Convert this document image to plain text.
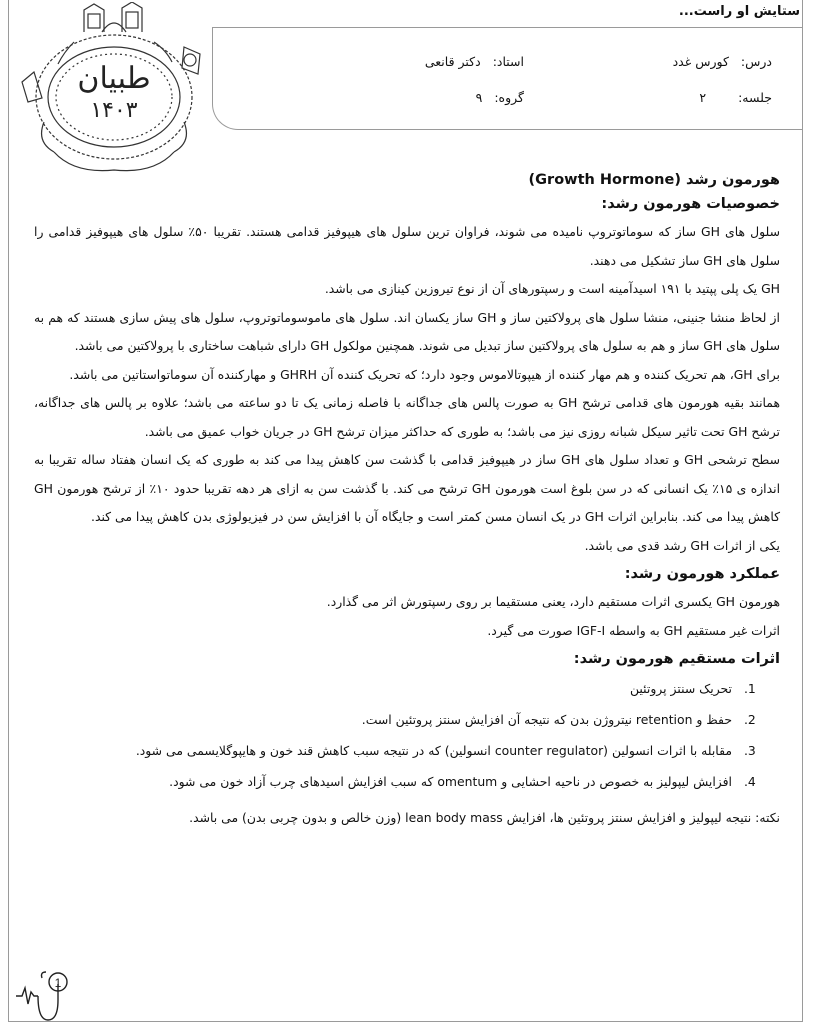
ستایش او راست...
درس: کورس غدد
استاد: دکتر قانعی
جلسه: ۲
گروه: ۹
طبیان
۱۴۰۳
هورمون رشد (Growth Hormone)
خصوصیات هورمون رشد:

سلول های GH ساز که سوماتوتروپ نامیده می شوند، فراوان ترین سلول های هیپوفیز قدامی هستند. تقریبا ۵۰٪ سلول های هیپوفیز قدامی را سلول های GH ساز تشکیل می دهند.

GH یک پلی پپتید با ۱۹۱ اسیدآمینه است و رسپتورهای آن از نوع تیروزین کینازی می باشد.

از لحاظ منشا جنینی، منشا سلول های پرولاکتین ساز و GH ساز یکسان اند. سلول های ماموسوماتوتروپ، سلول های پیش سازی هستند که هم به سلول های GH ساز و هم به سلول های پرولاکتین ساز تبدیل می شوند. همچنین مولکول GH دارای شباهت ساختاری با پرولاکتین می باشد.

برای GH، هم تحریک کننده و هم مهار کننده از هیپوتالاموس وجود دارد؛ که تحریک کننده آن GHRH و مهارکننده آن سوماتواستاتین می باشد.

همانند بقیه هورمون های قدامی ترشح GH به صورت پالس های جداگانه با فاصله زمانی یک تا دو ساعته می باشد؛ علاوه بر پالس های جداگانه، ترشح GH تحت تاثیر سیکل شبانه روزی نیز می باشد؛ به طوری که حداکثر میزان ترشح GH در جریان خواب عمیق می باشد.

سطح ترشحی GH و تعداد سلول های GH ساز در هیپوفیز قدامی با گذشت سن کاهش پیدا می کند به طوری که یک انسان هفتاد ساله تقریبا به اندازه ی ۱۵٪ یک انسانی که در سن بلوغ است هورمون GH ترشح می کند. با گذشت سن به ازای هر دهه تقریبا حدود ۱۰٪ از ترشح هورمون GH کاهش پیدا می کند. بنابراین اثرات GH در یک انسان مسن کمتر است و جایگاه آن با افزایش سن در فیزیولوژی بدن کاهش پیدا می کند.

یکی از اثرات GH رشد قدی می باشد.

عملکرد هورمون رشد:

هورمون GH یکسری اثرات مستقیم دارد، یعنی مستقیما بر روی رسپتورش اثر می گذارد.

اثرات غیر مستقیم GH به واسطه IGF-I صورت می گیرد.

اثرات مستقیم هورمون رشد:
1. تحریک سنتز پروتئین
2. حفظ و retention نیتروژن بدن که نتیجه آن افزایش سنتز پروتئین است.
3. مقابله با اثرات انسولین (counter regulator انسولین) که در نتیجه سبب کاهش قند خون و هایپوگلایسمی می شود.
4. افزایش لیپولیز به خصوص در ناحیه احشایی و omentum که سبب افزایش اسیدهای چرب آزاد خون می شود.

نکته: نتیجه لیپولیز و افزایش سنتز پروتئین ها، افزایش lean body mass (وزن خالص و بدون چربی بدن) می باشد.

1
